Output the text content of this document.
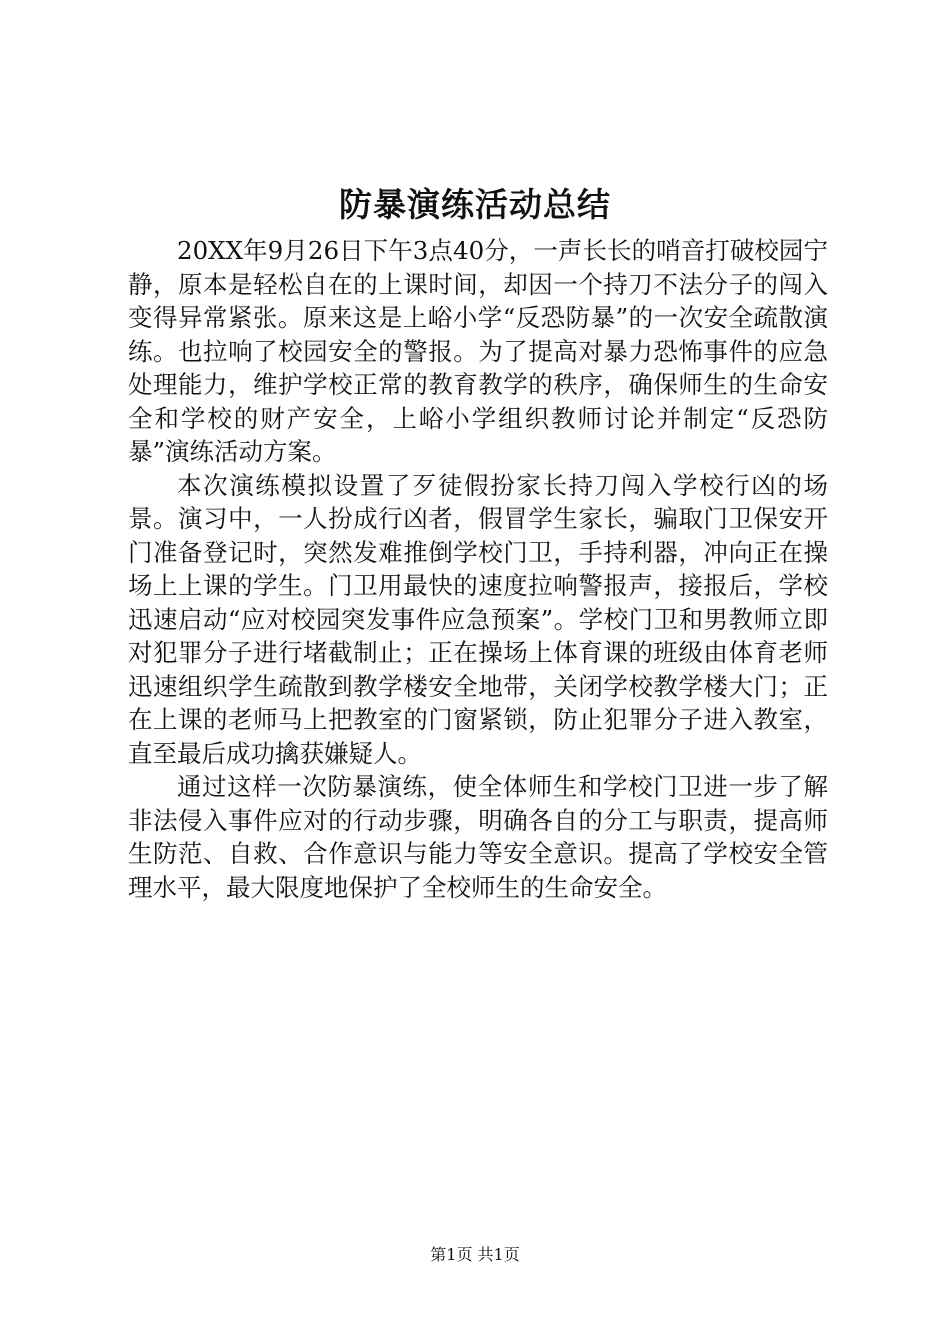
防暴演练活动总结

20XX年9月26日下午3点40分，一声长长的哨音打破校园宁静，原本是轻松自在的上课时间，却因一个持刀不法分子的闯入变得异常紧张。原来这是上峪小学“反恐防暴”的一次安全疏散演练。也拉响了校园安全的警报。为了提高对暴力恐怖事件的应急处理能力，维护学校正常的教育教学的秩序，确保师生的生命安全和学校的财产安全，上峪小学组织教师讨论并制定“反恐防暴”演练活动方案。

本次演练模拟设置了歹徒假扮家长持刀闯入学校行凶的场景。演习中，一人扮成行凶者，假冒学生家长，骗取门卫保安开门准备登记时，突然发难推倒学校门卫，手持利器，冲向正在操场上上课的学生。门卫用最快的速度拉响警报声，接报后，学校迅速启动“应对校园突发事件应急预案”。学校门卫和男教师立即对犯罪分子进行堵截制止；正在操场上体育课的班级由体育老师迅速组织学生疏散到教学楼安全地带，关闭学校教学楼大门；正在上课的老师马上把教室的门窗紧锁，防止犯罪分子进入教室，直至最后成功擒获嫌疑人。

通过这样一次防暴演练，使全体师生和学校门卫进一步了解非法侵入事件应对的行动步骤，明确各自的分工与职责，提高师生防范、自救、合作意识与能力等安全意识。提高了学校安全管理水平，最大限度地保护了全校师生的生命安全。

第1页 共1页
